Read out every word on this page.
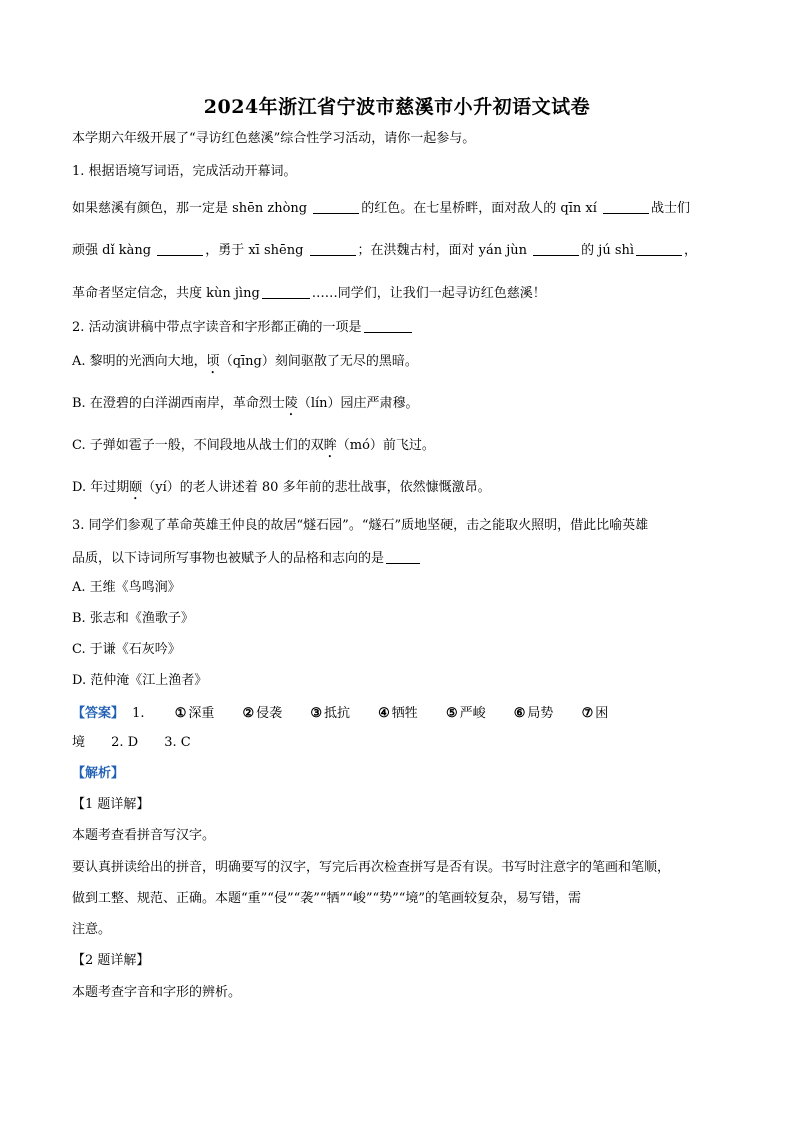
2024年浙江省宁波市慈溪市小升初语文试卷
本学期六年级开展了“寻访红色慈溪”综合性学习活动，请你一起参与。
1. 根据语境写词语，完成活动开幕词。
如果慈溪有颜色，那一定是 shēn zhòng	的红色。在七星桥畔，面对敌人的 qīn xí	战士们
顽强 dǐ kàng	，勇于 xī shēng	；在洪魏古村，面对 yán jùn	的 jú shì	，
革命者坚定信念，共度 kùn jìng	……同学们，让我们一起寻访红色慈溪！
2. 活动演讲稿中带点字读音和字形都正确的一项是
A. 黎明的光洒向大地，顷（qīng）刻间驱散了无尽的黑暗。
B. 在澄碧的白洋湖西南岸，革命烈士陵（lín）园庄严肃穆。
C. 子弹如雹子一般，不间段地从战士们的双眸（mó）前飞过。
D. 年过期颐（yí）的老人讲述着 80 多年前的悲壮战事，依然慷慨激昂。
3. 同学们参观了革命英雄王仲良的故居“燧石园”。“燧石”质地坚硬，击之能取火照明，借此比喻英雄
品质，以下诗词所写事物也被赋予人的品格和志向的是
A. 王维《鸟鸣涧》
B. 张志和《渔歌子》
C. 于谦《石灰吟》
D. 范仲淹《江上渔者》
【答案】 1. ① 深重 ② 侵袭 ③ 抵抗 ④ 牺牲 ⑤ 严峻 ⑥ 局势 ⑦ 困
境 2. D 3. C
【解析】
【1 题详解】
本题考查看拼音写汉字。
要认真拼读给出的拼音，明确要写的汉字，写完后再次检查拼写是否有误。书写时注意字的笔画和笔顺，
做到工整、规范、正确。本题“重”“侵”“袭”“牺”“峻”“势”“境”的笔画较复杂，易写错，需
注意。
【2 题详解】
本题考查字音和字形的辨析。
